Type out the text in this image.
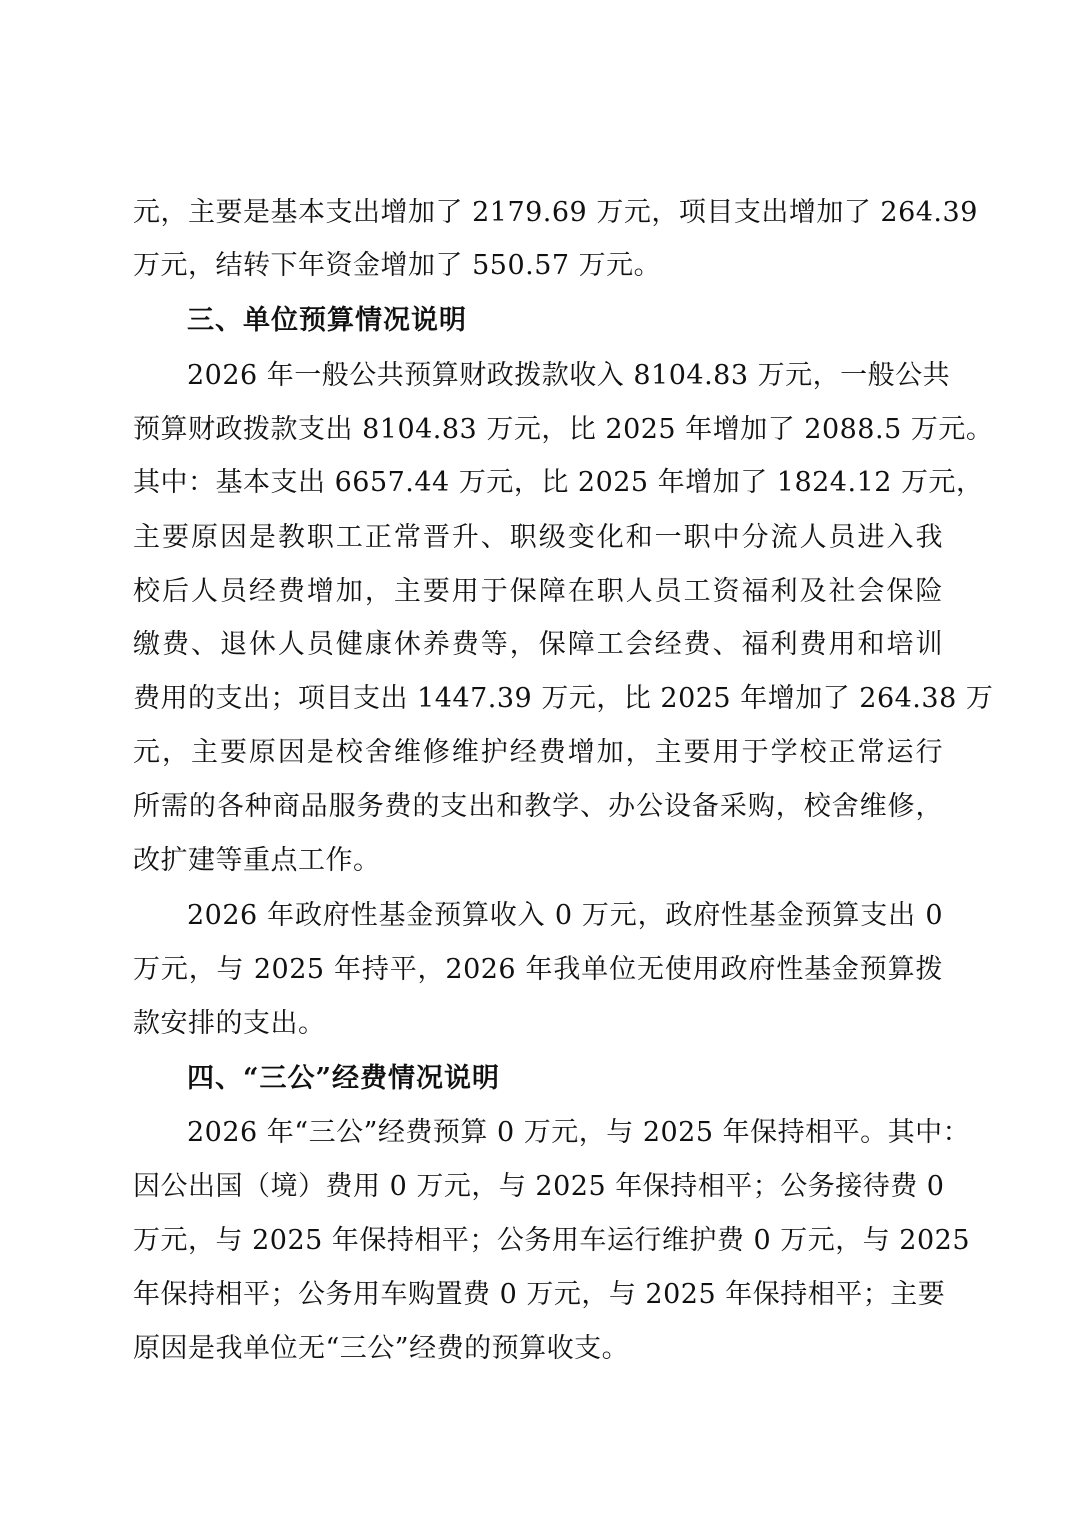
元，主要是基本支出增加了 2179.69 万元，项目支出增加了 264.39
万元，结转下年资金增加了 550.57 万元。
三、单位预算情况说明
2026 年一般公共预算财政拨款收入 8104.83 万元，一般公共
预算财政拨款支出 8104.83 万元，比 2025 年增加了 2088.5 万元。
其中：基本支出 6657.44 万元，比 2025 年增加了 1824.12 万元，
主要原因是教职工正常晋升、职级变化和一职中分流人员进入我
校后人员经费增加，主要用于保障在职人员工资福利及社会保险
缴费、退休人员健康休养费等，保障工会经费、福利费用和培训
费用的支出；项目支出 1447.39 万元，比 2025 年增加了 264.38 万
元，主要原因是校舍维修维护经费增加，主要用于学校正常运行
所需的各种商品服务费的支出和教学、办公设备采购，校舍维修，
改扩建等重点工作。
2026 年政府性基金预算收入 0 万元，政府性基金预算支出 0
万元，与 2025 年持平，2026 年我单位无使用政府性基金预算拨
款安排的支出。
四、“三公”经费情况说明
2026 年“三公”经费预算 0 万元，与 2025 年保持相平。其中：
因公出国（境）费用 0 万元，与 2025 年保持相平；公务接待费 0
万元，与 2025 年保持相平；公务用车运行维护费 0 万元，与 2025
年保持相平；公务用车购置费 0 万元，与 2025 年保持相平；主要
原因是我单位无“三公”经费的预算收支。
